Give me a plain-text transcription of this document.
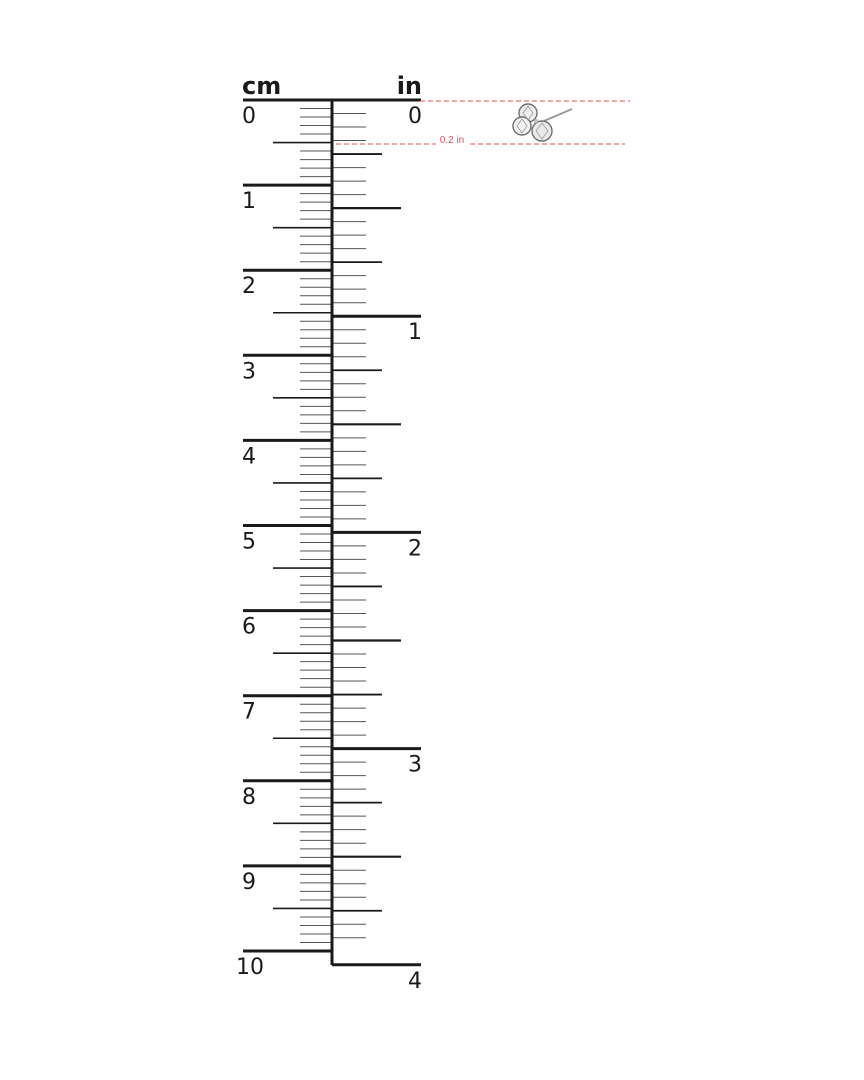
cm	in
0
1
2
3
4
5
6
7
8
9
10
0
1
2
3
4
0.2 in
